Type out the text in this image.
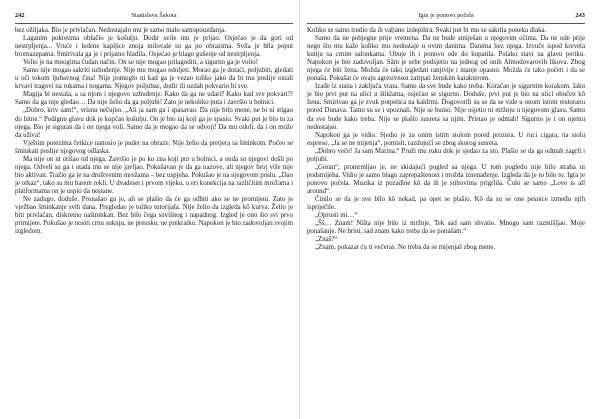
242	Stanislava Šakota

bez ožiljaka. Bio je privlačan. Nedostajalo mu je samo malo samopouzdanja.

Laganim pokretima oblačio je košulju. Dodir svile mu je prijao. Osjećao je da gori od nestrpljenja... Vruće i ledene kapljice znoja milovale su ga po obrazima. Svila je bila poput bromazepama. Smirivala ga je i prijatno hladila. Osjećao je blago gušenje od nestrpljenja.

Volio je na mnogima čudan način. On se nije mogao prilagoditi, a sigurno ga je volio!

Samo nije mogao sakriti uzbuđenje. Nije mu mogao odoljeti. Morao ga je dotaći, poljubiti, gledati u oči tokom ljubavnog čina! Nije pomoglo ni kad ga je vezao toliko jako da bi mu poslije ostali krvavi tragovi na rukama i nogama. Njegov poljubac, dodir ili uzdah pokvario bi sve.

Magija bi nestala, a sa njom i njegovo uzbuđenje. Kako da ga ne udari? Kako kad sve pokvari?! Samo da ga nije gledao… Da nije želio da ga poljubi! Zato je nekoliko puta i završio u bolnici.

„Dobro, kriv sam!“, vrisnu nečujno. „Ali ja sam ga i spasavao. Da nije bilo mene, ne bi ni stigao do hitne.“ Podignu glavu dok je kopčao košulju. On je bio taj koji ga je spasio. Svaki put je bio tu za njega. Bio je siguran da i on njega voli. Samo da je mogao da se odvoji! Da mu odoli, da i on može da uživa!

Vještim potezima četkice nanosio je puder na obraze. Nije želio da pretjera sa šminkom. Počeo se šminkati poslije njegovog odlaska.

Ma nije on ni otišao od njega. Završio je po ko zna koji put u bolnici, a onda su njegovi došli po njega. Odveli su ga i otada mu se nije javljao. Pokušavao je da ga nazove, ali njegov broj više nije bio aktivan. Tražio ga je na društvenim mrežama – bez uspjeha. Pokušao je na njegovom poslu. „Dao je otkaz“, tako su mu barem rekli. U dvadeset i prvom vijeku, u eri konekcija na različitim mrežama i platformama on je uspio da nestane.

Ne zadugo, doduše. Pronašao ga je, ali se plašio da će ga odbiti ako se ne promijeni. Zato je vježbao šminkanje svih dana. Pregledao je toliko tutorijala. Nije želio da izgleda kô kurva. Želio je biti privlačan, diskretno našminkan. Bez bilo čega suvišnog i napadnog. Izgled je ono što svi prvo primijete. Pokušao je nositi crnu suknju, ne preusku, ne prekratku. Napokon je bio zadovoljan svojim izgledom.

Igra je ponovo počela	243

Koliko se samo trudio da ih valjano izdepilira. Svaki put bi mu se sakrila poneka dlaka.

Samo da ne pobjegne prije vremena. Da ne bude smiješan u njegovim očima. Da ne ode prije nego što mu kaže koliko mu nedostaje u ovim danima. Danima bez njega. Izvuče ispod kreveta kutiju sa crnim salonkama. Obuje ih i ponovo ode do kupatila. Polako stavi na glavu periku. Napokon je bio zadovoljan. Sām je sebe podsjetio na jednog od onih Almodovarovih likova. Zbog njega će biti žena. Možda će tako izgledati ranjivije i manje opasno. Možda će tako početi i da se ponaša. Pokušat će ovaju agresivnost zatrpati ženskim karakterom.

Izađe iz stana i zaključa vrata. Samo da sve bude kako treba. Koračao je sigurnim korakom. Iako je bio prvi put na ulici u štiklama, osjećao se sigurno. Doduše, prvi put je bio na ulici obučen kô žena. Smirivao ga je zvuk potpetica na kaldrmi. Dogovorili su se da se vide u onom istom restoranu pored Dunava. Tamo su se i upoznali. Nije se bunio. Nije osjetio ni mržnju u njegovom glasu. Samo da sve bude kako treba. Nije se plašio susreta sa njim. Pristao je odmah! Sigurno je i on njemu nedostajao.

Napokon ga je vidio. Sjedio je za onim istim stolom pored prozora. U ruci cigara, na stolu espreso. „Ja se ne mijenja“, pomisli, razdujući se zbog skorog susreta.

„Dobro veče! Ja sam Marina.“ Pruži mu ruku dok je sjedao za sto. Plašio se da ga odmah zagrli i poljubi.

„Goran“, promrmljao je, ne skidajući pogled sa njega. U tom pogledu nije bilo straha ni podsmijeha. Vidio je samo blagu zaprepaštenost i možda iznenađenje. Izgleda da je to bilo to. Igra je ponovo počela. Muzika iz pozadine kô da ih je stihovima prigrlila. Čulo se samo „Love is all around“.

Činilo se da je sve bilo kô nekad, pa opet se plašio. Kô da su se one pesnice između njih ispriječile.

„Oprosti mi…“

„Šš… Znam! Ništa nije bilo iz mržnje. Tek sad sam shvatio. Mnogo sam razmišljao. Moje ponašanje. Ne brini, sad znam kako treba da se ponašam.“

„Znaš?“

„Znam, pokazat ću ti večeras. Ne treba da se mijenjaš zbog mene.
